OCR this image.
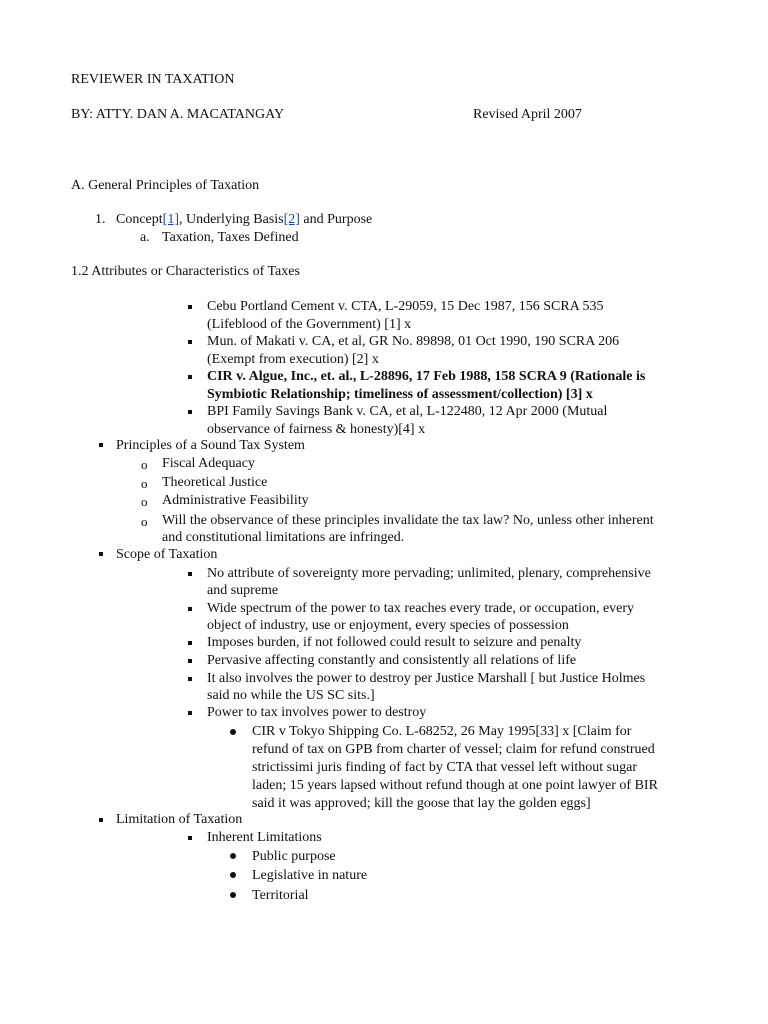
REVIEWER IN TAXATION
BY: ATTY. DAN A. MACATANGAY	Revised April 2007
A. General Principles of Taxation
1. Concept[1], Underlying Basis[2] and Purpose
a. Taxation, Taxes Defined
1.2 Attributes or Characteristics of Taxes
Cebu Portland Cement v. CTA, L-29059, 15 Dec 1987, 156 SCRA 535
(Lifeblood of the Government) [1] x
Mun. of Makati v. CA, et al, GR No. 89898, 01 Oct 1990, 190 SCRA 206
(Exempt from execution) [2] x
CIR v. Algue, Inc., et. al., L-28896, 17 Feb 1988, 158 SCRA 9 (Rationale is
Symbiotic Relationship; timeliness of assessment/collection) [3] x
BPI Family Savings Bank v. CA, et al, L-122480, 12 Apr 2000 (Mutual
observance of fairness & honesty)[4] x
Principles of a Sound Tax System
o Fiscal Adequacy
o Theoretical Justice
o Administrative Feasibility
o Will the observance of these principles invalidate the tax law? No, unless other inherent
and constitutional limitations are infringed.
Scope of Taxation
No attribute of sovereignty more pervading; unlimited, plenary, comprehensive
and supreme
Wide spectrum of the power to tax reaches every trade, or occupation, every
object of industry, use or enjoyment, every species of possession
Imposes burden, if not followed could result to seizure and penalty
Pervasive affecting constantly and consistently all relations of life
It also involves the power to destroy per Justice Marshall [ but Justice Holmes
said no while the US SC sits.]
Power to tax involves power to destroy
CIR v Tokyo Shipping Co. L-68252, 26 May 1995[33] x [Claim for
refund of tax on GPB from charter of vessel; claim for refund construed
strictissimi juris finding of fact by CTA that vessel left without sugar
laden; 15 years lapsed without refund though at one point lawyer of BIR
said it was approved; kill the goose that lay the golden eggs]
Limitation of Taxation
Inherent Limitations
Public purpose
Legislative in nature
Territorial
